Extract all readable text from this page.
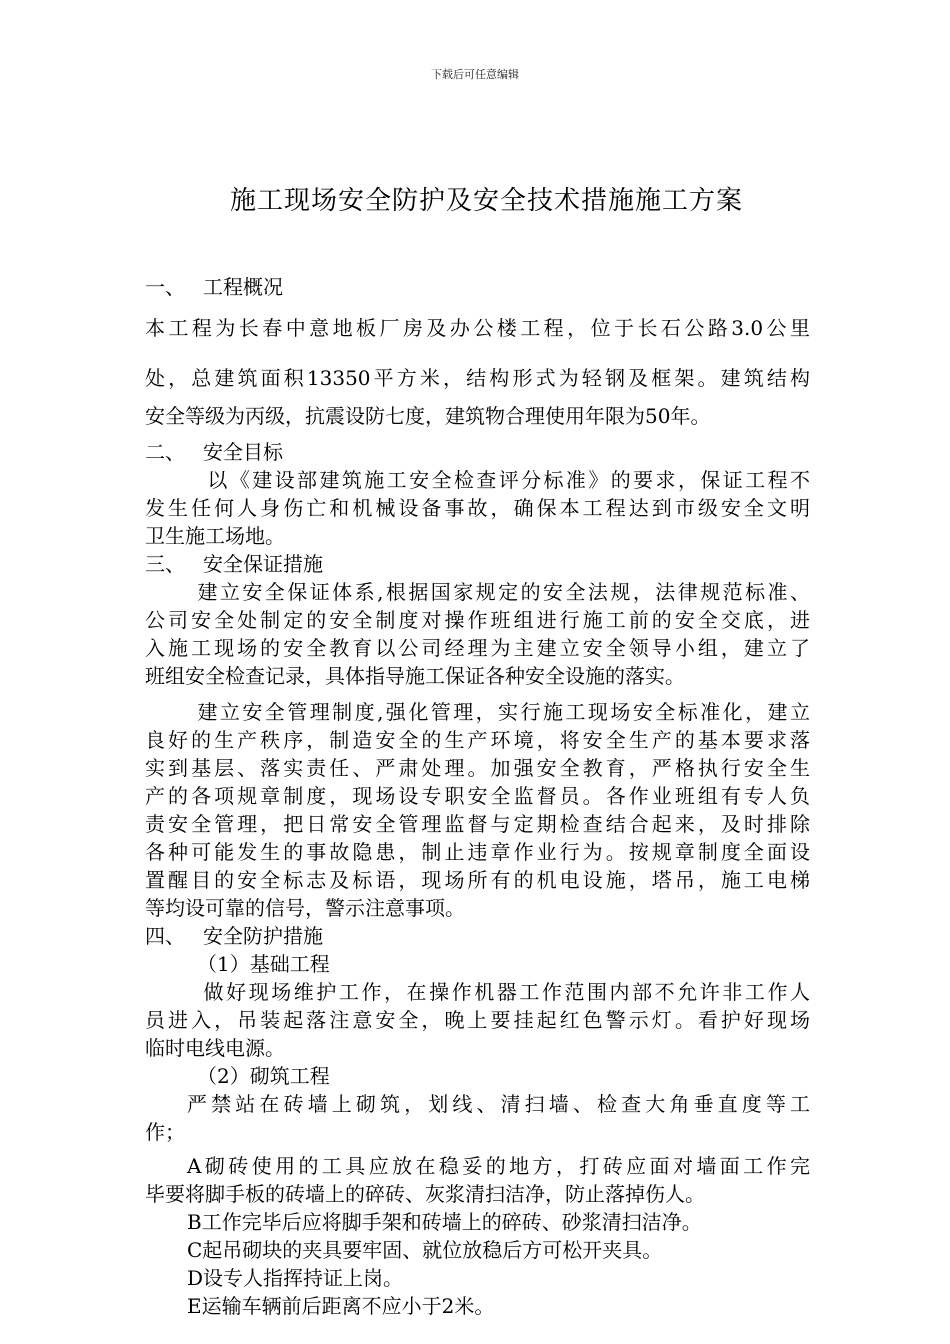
下载后可任意编辑
施工现场安全防护及安全技术措施施工方案
一、 工程概况
本工程为长春中意地板厂房及办公楼工程，位于长石公路3.0公里
处，总建筑面积13350平方米，结构形式为轻钢及框架。建筑结构
安全等级为丙级，抗震设防七度，建筑物合理使用年限为50年。
二、 安全目标
　以《建设部建筑施工安全检查评分标准》的要求，保证工程不
发生任何人身伤亡和机械设备事故，确保本工程达到市级安全文明
卫生施工场地。
三、 安全保证措施
　建立安全保证体系,根据国家规定的安全法规，法律规范标准、
公司安全处制定的安全制度对操作班组进行施工前的安全交底，进
入施工现场的安全教育以公司经理为主建立安全领导小组，建立了
班组安全检查记录，具体指导施工保证各种安全设施的落实。
　建立安全管理制度,强化管理，实行施工现场安全标准化，建立
良好的生产秩序，制造安全的生产环境，将安全生产的基本要求落
实到基层、落实责任、严肃处理。加强安全教育，严格执行安全生
产的各项规章制度，现场设专职安全监督员。各作业班组有专人负
责安全管理，把日常安全管理监督与定期检查结合起来，及时排除
各种可能发生的事故隐患，制止违章作业行为。按规章制度全面设
置醒目的安全标志及标语，现场所有的机电设施，塔吊，施工电梯
等均设可靠的信号，警示注意事项。
四、 安全防护措施
（1）基础工程
　做好现场维护工作，在操作机器工作范围内部不允许非工作人
员进入，吊装起落注意安全，晚上要挂起红色警示灯。看护好现场
临时电线电源。
（2）砌筑工程
严禁站在砖墙上砌筑，划线、清扫墙、检查大角垂直度等工
作；
A砌砖使用的工具应放在稳妥的地方，打砖应面对墙面工作完
毕要将脚手板的砖墙上的碎砖、灰浆清扫洁净，防止落掉伤人。
B工作完毕后应将脚手架和砖墙上的碎砖、砂浆清扫洁净。
C起吊砌块的夹具要牢固、就位放稳后方可松开夹具。
D设专人指挥持证上岗。
E运输车辆前后距离不应小于2米。
